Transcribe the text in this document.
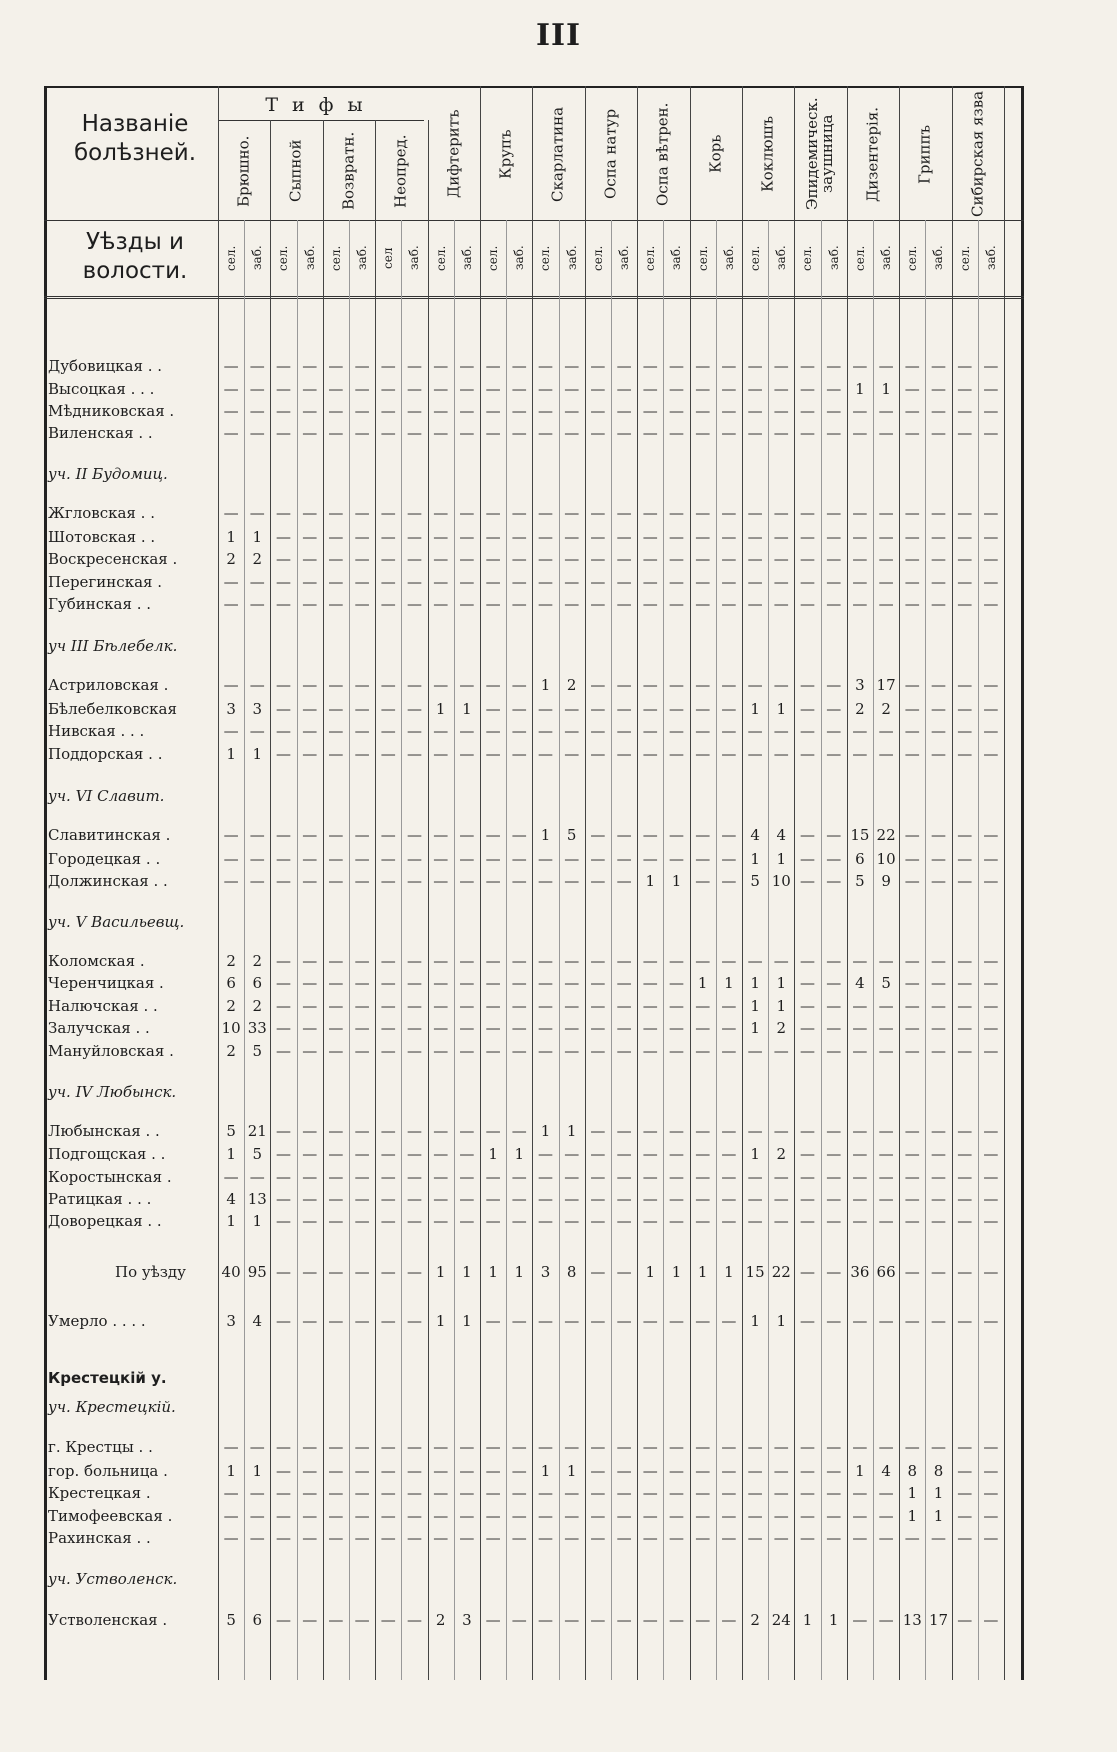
III
Названіе болѣзней.
Уѣзды и волости.
Тифы
Брюшно.	Сыпной	Возвратн.	Неопред.	Дифтеритъ	Крупъ	Скарлатина	Оспа натур	Оспа вѣтрен.	Корь	Коклюшъ	Эпидемическ. заушница	Дизентерія.	Гриппъ	Сибирская язва
сел.	заб.	сел.	заб.	сел.	заб.	сел	заб.	сел.	заб.	сел.	заб.	сел.	заб.	сел.	заб.	сел.	заб.	сел.	заб.	сел.	заб.	сел.	заб.	сел.	заб.	сел.	заб.	сел.	заб.
Дубовицкая . .	— — — — — — — — — — — — — — — — — — — — — — — — — — — — — —
Высоцкая . . .	— — — — — — — — — — — — — — — — — — — — — — — — 1	1 — — — —
Мѣдниковская .	— — — — — — — — — — — — — — — — — — — — — — — — — — — — — —
Виленская . .	— — — — — — — — — — — — — — — — — — — — — — — — — — — — — —
уч. II Будомиц.
Жгловская . .	— — — — — — — — — — — — — — — — — — — — — — — — — — — — — —
Шотовская . .	1	1 — — — — — — — — — — — — — — — — — — — — — — — — — — — —
Воскресенская .	2	2 — — — — — — — — — — — — — — — — — — — — — — — — — — — —
Перегинская .	— — — — — — — — — — — — — — — — — — — — — — — — — — — — — —
Губинская . .	— — — — — — — — — — — — — — — — — — — — — — — — — — — — — —
уч III Бѣлебелк.
Астриловская .	— — — — — — — — — — — — 1	2 — — — — — — — — — — 3 17 — — — —
Бѣлебелковская	3	3 — — — — — — 1	1 — — — — — — — — — — 1	1 — — 2	2 — — — —
Нивская . . .	— — — — — — — — — — — — — — — — — — — — — — — — — — — — — —
Поддорская . .	1	1 — — — — — — — — — — — — — — — — — — — — — — — — — — — —
уч. VI Славит.
Славитинская .	— — — — — — — — — — — — 1	5 — — — — — — 4	4 — — 15 22 — — — —
Городецкая . .	— — — — — — — — — — — — — — — — — — — — 1	1 — — 6 10 — — — —
Должинская . .	— — — — — — — — — — — — — — — — 1	1 — — 5 10 — — 5	9 — — — —
уч. V Васильевщ.
Коломская .	2	2 — — — — — — — — — — — — — — — — — — — — — — — — — — — —
Черенчицкая .	6	6 — — — — — — — — — — — — — — — — 1	1	1	1 — — 4	5 — — — —
Налючская . .	2	2 — — — — — — — — — — — — — — — — — — 1	1 — — — — — — — —
Залучская . .	10 33 — — — — — — — — — — — — — — — — — — 1	2 — — — — — — — —
Мануйловская .	2	5 — — — — — — — — — — — — — — — — — — — — — — — — — — — —
уч. IV Любынск.
Любынская . .	5 21 — — — — — — — — — — 1	1 — — — — — — — — — — — — — — — —
Подгощская . .	1	5 — — — — — — — — 1	1 — — — — — — — — 1	2 — — — — — — — —
Коростынская .	— — — — — — — — — — — — — — — — — — — — — — — — — — — — — —
Ратицкая . . .	4 13 — — — — — — — — — — — — — — — — — — — — — — — — — — — —
Доворецкая . .	1	1 — — — — — — — — — — — — — — — — — — — — — — — — — — — —
По уѣзду 40 95 — — — — — — 1	1	1	1	3	8 — — 1	1	1	1 15 22 — — 36 66 — — — —
Умерло . . . .	3	4 — — — — — — 1	1 — — — — — — — — — — 1	1 — — — — — — — —
Крестецкій у.
уч. Крестецкій.
г. Крестцы . .	— — — — — — — — — — — — — — — — — — — — — — — — — — — — — —
гор. больница .	1	1 — — — — — — — — — — 1	1 — — — — — — — — — — 1	4	8	8 — —
Крестецкая .	— — — — — — — — — — — — — — — — — — — — — — — — — — 1	1 — —
Тимофеевская .	— — — — — — — — — — — — — — — — — — — — — — — — — — 1	1 — —
Рахинская . .	— — — — — — — — — — — — — — — — — — — — — — — — — — — — — —
уч. Устволенск.
Устволенская .	5	6 — — — — — — 2	3 — — — — — — — — — — 2 24 1	1 — — 13 17 — —
